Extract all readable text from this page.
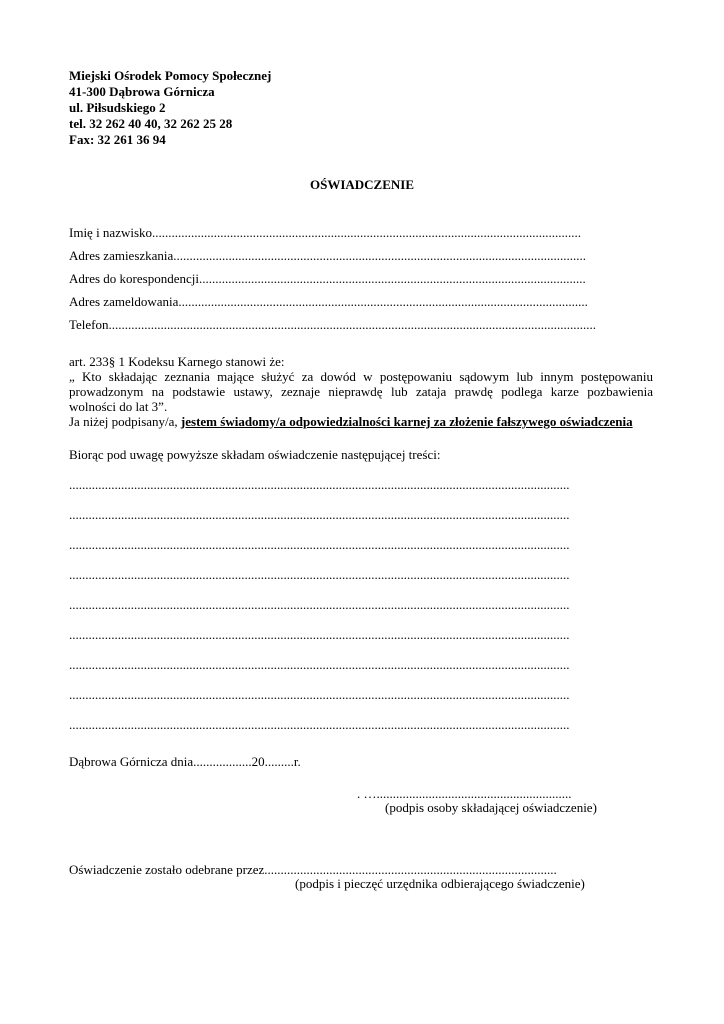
Miejski Ośrodek Pomocy Społecznej
41-300 Dąbrowa Górnicza
ul. Piłsudskiego 2
tel. 32 262 40 40, 32 262 25 28
Fax: 32 261 36 94
OŚWIADCZENIE
Imię i nazwisko....................................................................................................................................
Adres zamieszkania...............................................................................................................................
Adres do korespondencji.......................................................................................................................
Adres zameldowania..............................................................................................................................
Telefon......................................................................................................................................................
art. 233§ 1 Kodeksu Karnego stanowi że:
„ Kto składając zeznania mające służyć za dowód w postępowaniu sądowym lub innym postępowaniu
prowadzonym na podstawie ustawy, zeznaje nieprawdę lub zataja prawdę podlega karze pozbawienia
wolności do lat 3”.
Ja niżej podpisany/a, jestem świadomy/a odpowiedzialności karnej za złożenie fałszywego oświadczenia
Biorąc pod uwagę powyższe składam oświadczenie następującej treści:
..........................................................................................................................................................
..........................................................................................................................................................
..........................................................................................................................................................
..........................................................................................................................................................
..........................................................................................................................................................
..........................................................................................................................................................
..........................................................................................................................................................
..........................................................................................................................................................
..........................................................................................................................................................
Dąbrowa Górnicza dnia..................20.........r.
. …............................................................
(podpis osoby składającej oświadczenie)
Oświadczenie zostało odebrane przez..........................................................................................
(podpis i pieczęć urzędnika odbierającego świadczenie)
